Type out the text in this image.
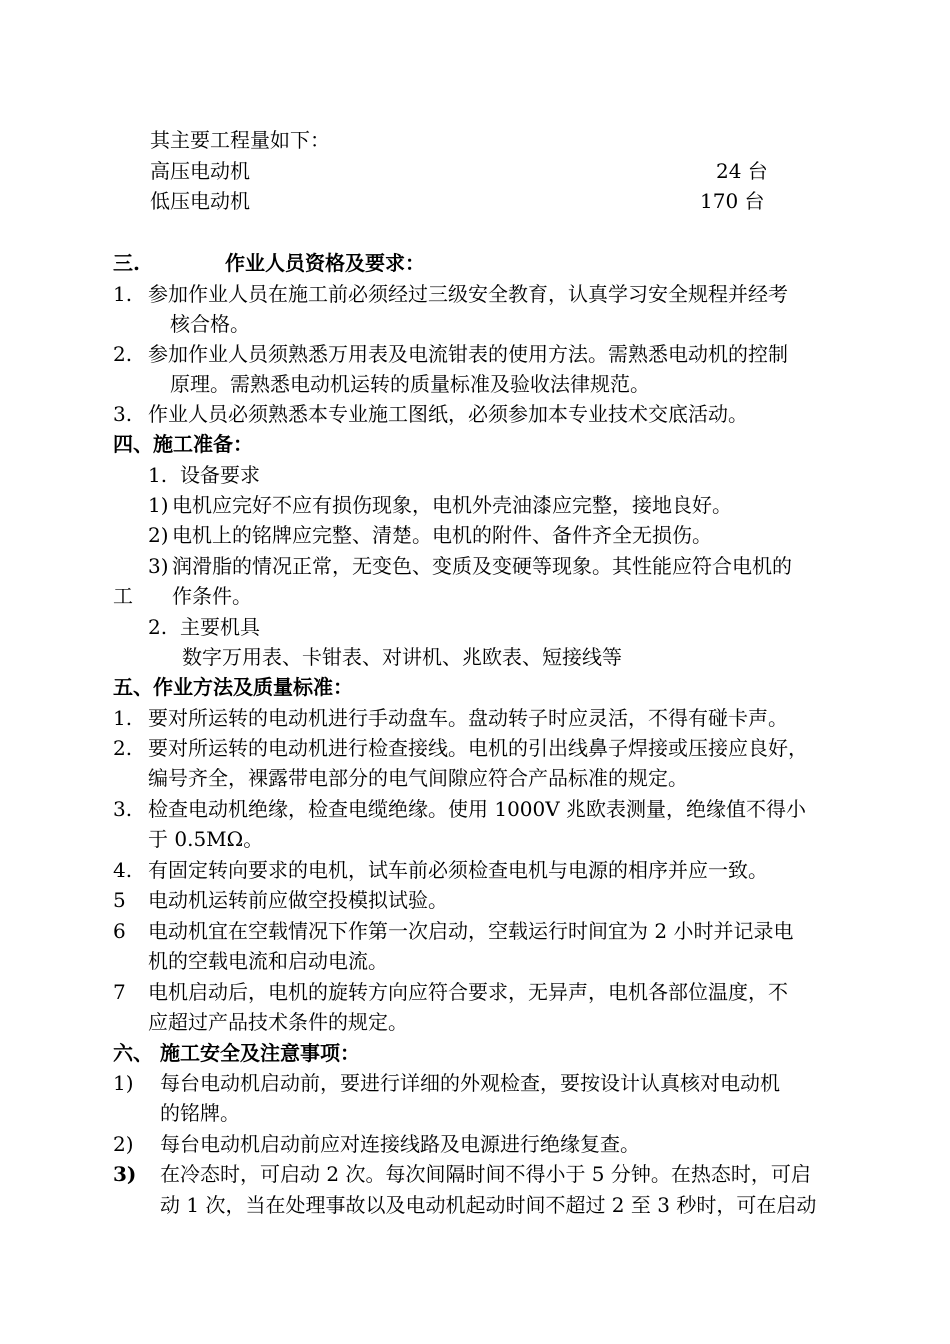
其主要工程量如下：
高压电动机	24 台
低压电动机	170 台
三.	作业人员资格及要求：
1. 参加作业人员在施工前必须经过三级安全教育，认真学习安全规程并经考
核合格。
2. 参加作业人员须熟悉万用表及电流钳表的使用方法。需熟悉电动机的控制
原理。需熟悉电动机运转的质量标准及验收法律规范。
3. 作业人员必须熟悉本专业施工图纸，必须参加本专业技术交底活动。
四、施工准备：
1. 设备要求
1) 电机应完好不应有损伤现象，电机外壳油漆应完整，接地良好。
2) 电机上的铭牌应完整、清楚。电机的附件、备件齐全无损伤。
3) 润滑脂的情况正常，无变色、变质及变硬等现象。其性能应符合电机的
工 作条件。
2. 主要机具
数字万用表、卡钳表、对讲机、兆欧表、短接线等
五、作业方法及质量标准：
1. 要对所运转的电动机进行手动盘车。盘动转子时应灵活，不得有碰卡声。
2. 要对所运转的电动机进行检查接线。电机的引出线鼻子焊接或压接应良好，
编号齐全，裸露带电部分的电气间隙应符合产品标准的规定。
3. 检查电动机绝缘，检查电缆绝缘。使用 1000V 兆欧表测量，绝缘值不得小
于 0.5MΩ。
4. 有固定转向要求的电机，试车前必须检查电机与电源的相序并应一致。
5 电动机运转前应做空投模拟试验。
6 电动机宜在空载情况下作第一次启动，空载运行时间宜为 2 小时并记录电
机的空载电流和启动电流。
7 电机启动后，电机的旋转方向应符合要求，无异声，电机各部位温度，不
应超过产品技术条件的规定。
六、 施工安全及注意事项：
1) 每台电动机启动前，要进行详细的外观检查，要按设计认真核对电动机
的铭牌。
2) 每台电动机启动前应对连接线路及电源进行绝缘复查。
3) 在冷态时，可启动 2 次。每次间隔时间不得小于 5 分钟。在热态时，可启
动 1 次，当在处理事故以及电动机起动时间不超过 2 至 3 秒时，可在启动
